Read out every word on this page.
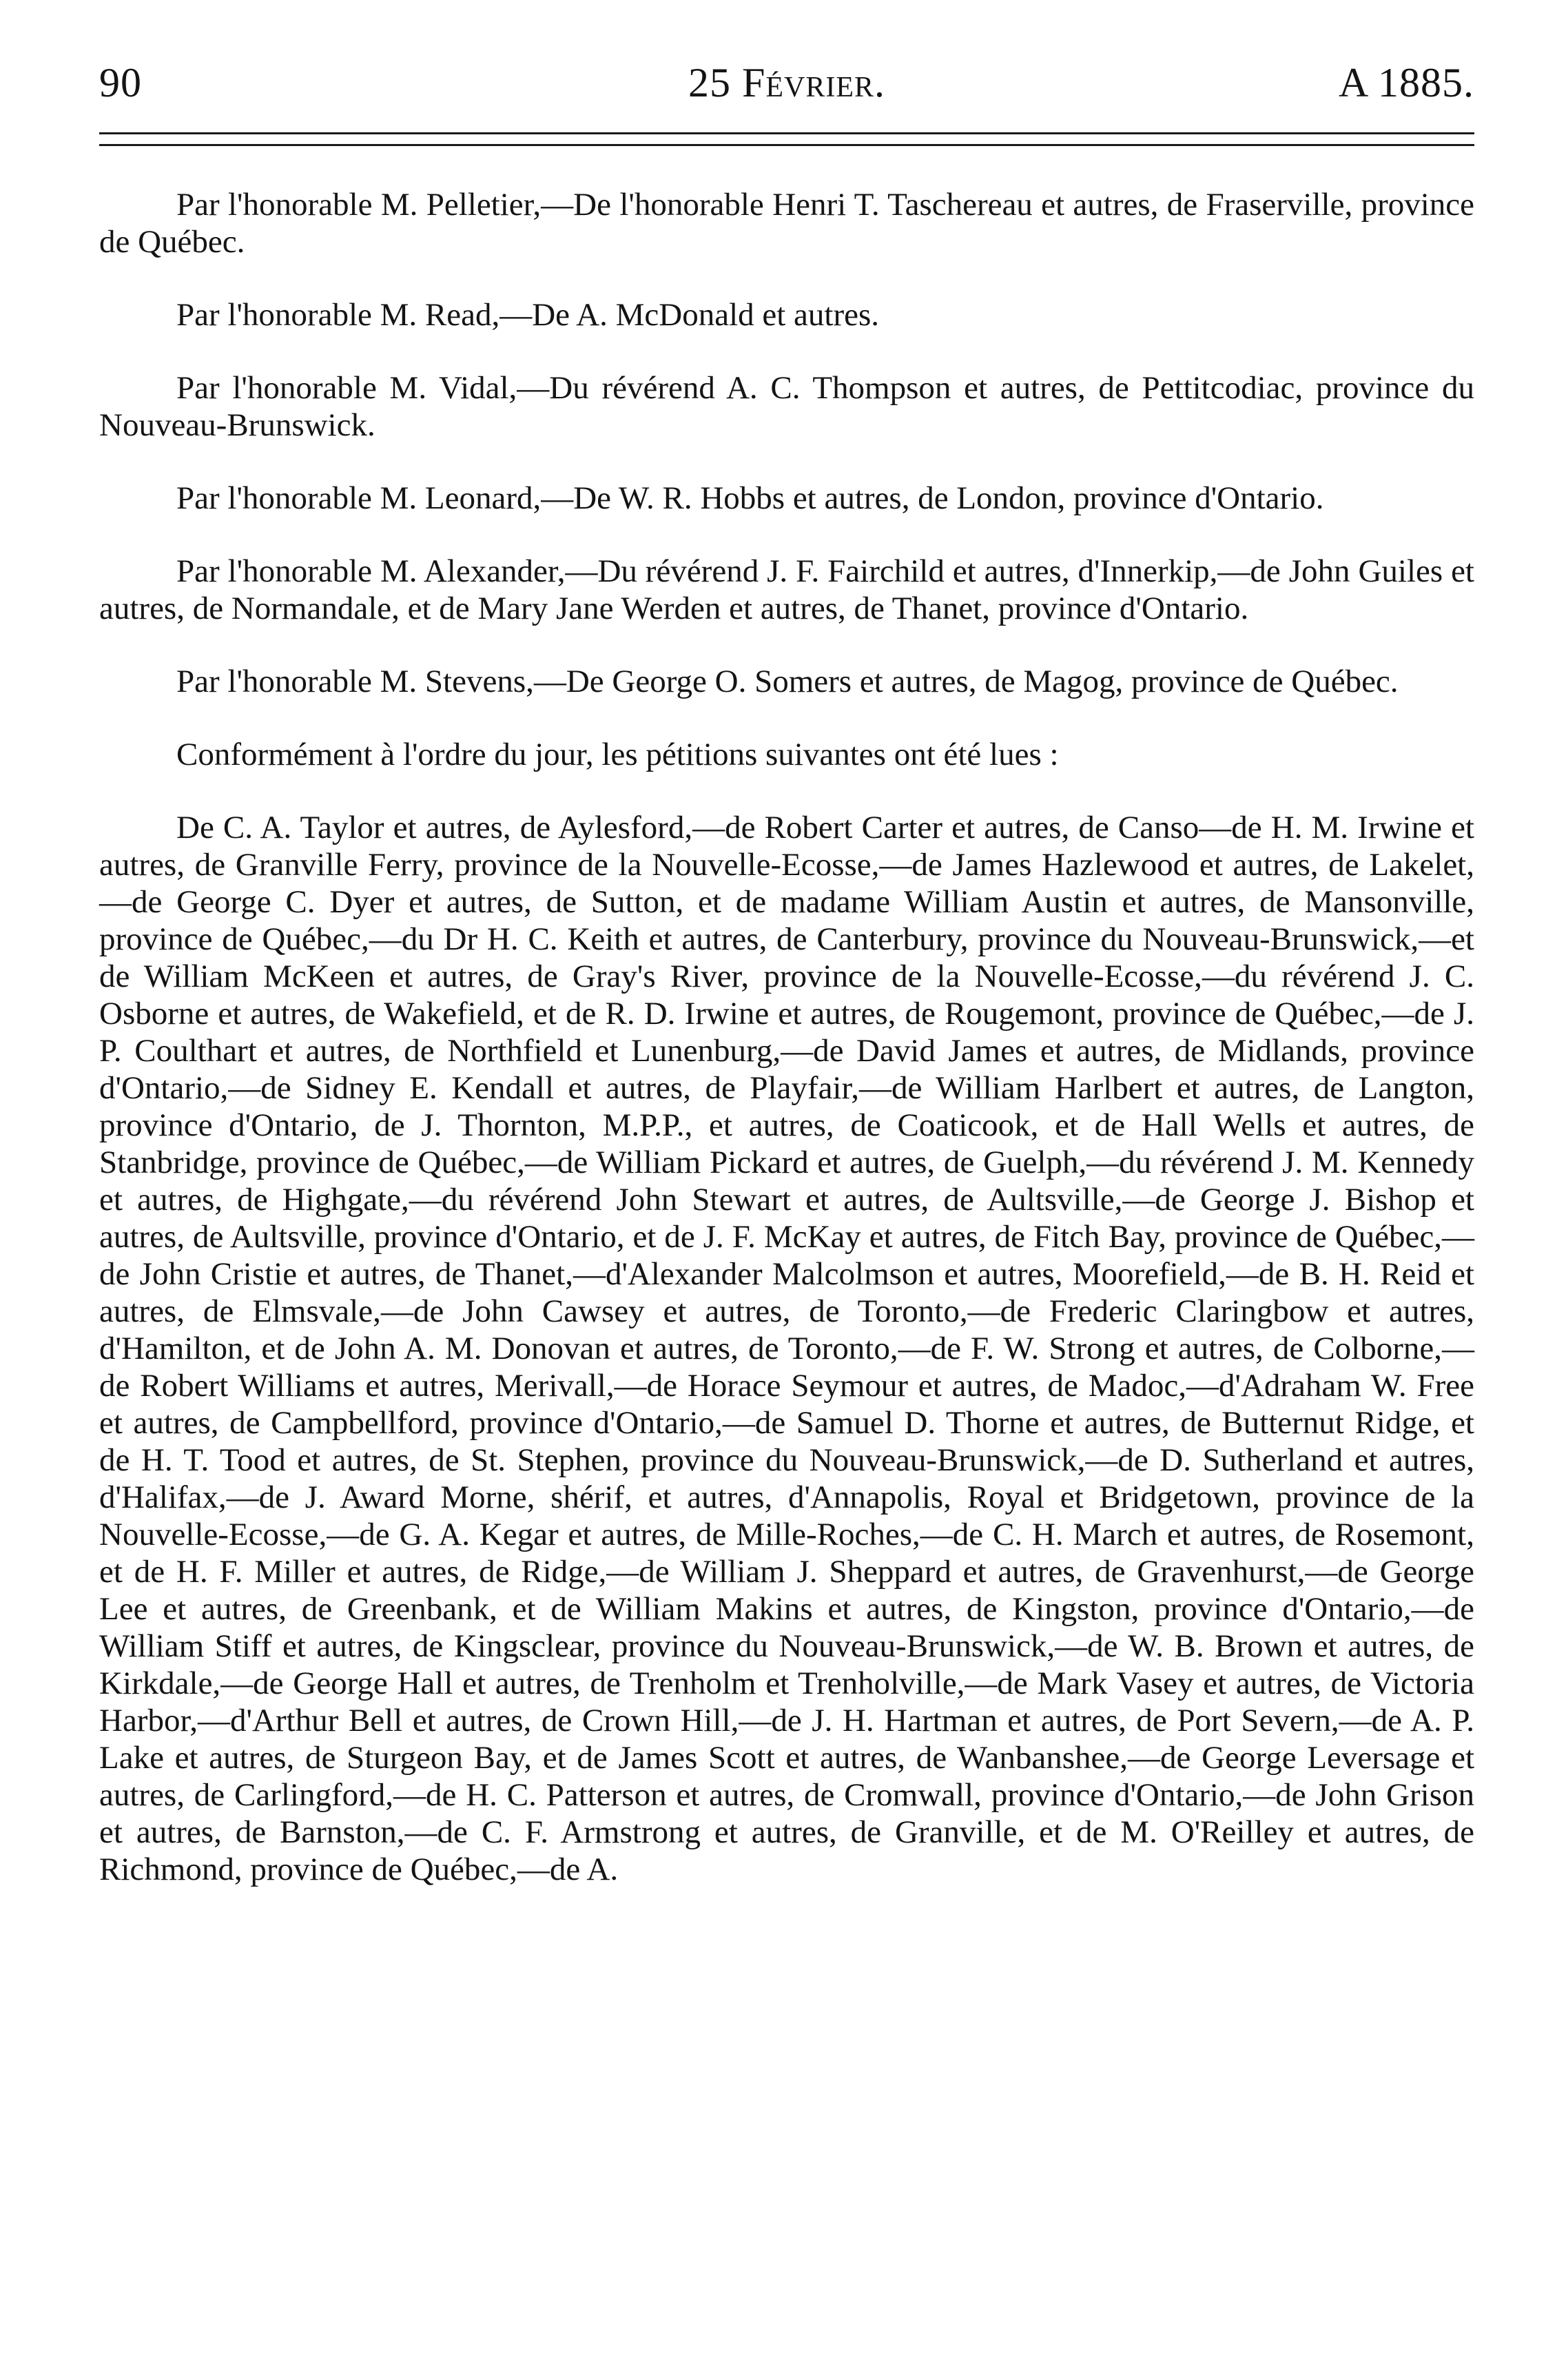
90	25 Février.	A 1885.

Par l'honorable M. Pelletier,—De l'honorable Henri T. Taschereau et autres, de Fraserville, province de Québec.

Par l'honorable M. Read,—De A. McDonald et autres.

Par l'honorable M. Vidal,—Du révérend A. C. Thompson et autres, de Pettitcodiac, province du Nouveau-Brunswick.

Par l'honorable M. Leonard,—De W. R. Hobbs et autres, de London, province d'Ontario.

Par l'honorable M. Alexander,—Du révérend J. F. Fairchild et autres, d'Innerkip,—de John Guiles et autres, de Normandale, et de Mary Jane Werden et autres, de Thanet, province d'Ontario.

Par l'honorable M. Stevens,—De George O. Somers et autres, de Magog, province de Québec.

Conformément à l'ordre du jour, les pétitions suivantes ont été lues :

De C. A. Taylor et autres, de Aylesford,—de Robert Carter et autres, de Canso—de H. M. Irwine et autres, de Granville Ferry, province de la Nouvelle-Ecosse,—de James Hazlewood et autres, de Lakelet,—de George C. Dyer et autres, de Sutton, et de madame William Austin et autres, de Mansonville, province de Québec,—du Dr H. C. Keith et autres, de Canterbury, province du Nouveau-Brunswick,—et de William McKeen et autres, de Gray's River, province de la Nouvelle-Ecosse,—du révérend J. C. Osborne et autres, de Wakefield, et de R. D. Irwine et autres, de Rougemont, province de Québec,—de J. P. Coulthart et autres, de Northfield et Lunenburg,—de David James et autres, de Midlands, province d'Ontario,—de Sidney E. Kendall et autres, de Playfair,—de William Harlbert et autres, de Langton, province d'Ontario, de J. Thornton, M.P.P., et autres, de Coaticook, et de Hall Wells et autres, de Stanbridge, province de Québec,—de William Pickard et autres, de Guelph,—du révérend J. M. Kennedy et autres, de Highgate,—du révérend John Stewart et autres, de Aultsville,—de George J. Bishop et autres, de Aultsville, province d'Ontario, et de J. F. McKay et autres, de Fitch Bay, province de Québec,—de John Cristie et autres, de Thanet,—d'Alexander Malcolmson et autres, Moorefield,—de B. H. Reid et autres, de Elmsvale,—de John Cawsey et autres, de Toronto,—de Frederic Claringbow et autres, d'Hamilton, et de John A. M. Donovan et autres, de Toronto,—de F. W. Strong et autres, de Colborne,—de Robert Williams et autres, Merivall,—de Horace Seymour et autres, de Madoc,—d'Adraham W. Free et autres, de Campbellford, province d'Ontario,—de Samuel D. Thorne et autres, de Butternut Ridge, et de H. T. Tood et autres, de St. Stephen, province du Nouveau-Brunswick,—de D. Sutherland et autres, d'Halifax,—de J. Award Morne, shérif, et autres, d'Annapolis, Royal et Bridgetown, province de la Nouvelle-Ecosse,—de G. A. Kegar et autres, de Mille-Roches,—de C. H. March et autres, de Rosemont, et de H. F. Miller et autres, de Ridge,—de William J. Sheppard et autres, de Gravenhurst,—de George Lee et autres, de Greenbank, et de William Makins et autres, de Kingston, province d'Ontario,—de William Stiff et autres, de Kingsclear, province du Nouveau-Brunswick,—de W. B. Brown et autres, de Kirkdale,—de George Hall et autres, de Trenholm et Trenholville,—de Mark Vasey et autres, de Victoria Harbor,—d'Arthur Bell et autres, de Crown Hill,—de J. H. Hartman et autres, de Port Severn,—de A. P. Lake et autres, de Sturgeon Bay, et de James Scott et autres, de Wanbanshee,—de George Leversage et autres, de Carlingford,—de H. C. Patterson et autres, de Cromwall, province d'Ontario,—de John Grison et autres, de Barnston,—de C. F. Armstrong et autres, de Granville, et de M. O'Reilley et autres, de Richmond, province de Québec,—de A.
